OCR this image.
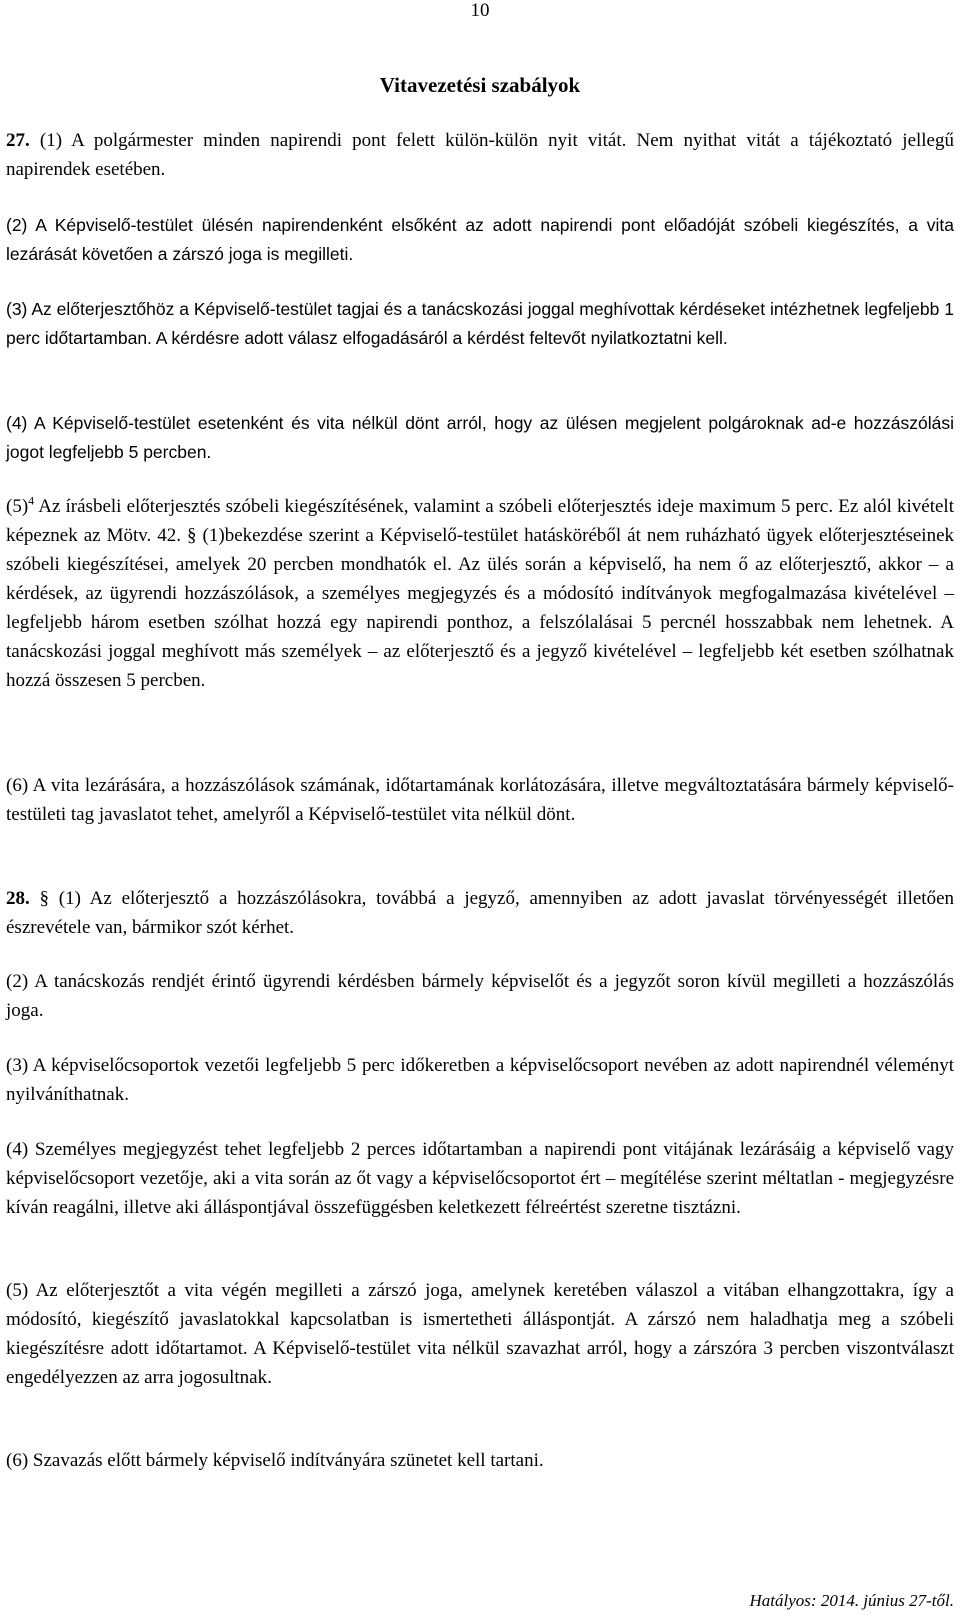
10
Vitavezetési szabályok

27. (1) A polgármester minden napirendi pont felett külön-külön nyit vitát. Nem nyithat vitát a tájékoztató jellegű napirendek esetében.

(2) A Képviselő-testület ülésén napirendenként elsőként az adott napirendi pont előadóját szóbeli kiegészítés, a vita lezárását követően a zárszó joga is megilleti.

(3) Az előterjesztőhöz a Képviselő-testület tagjai és a tanácskozási joggal meghívottak kérdéseket intézhetnek legfeljebb 1 perc időtartamban. A kérdésre adott válasz elfogadásáról a kérdést feltevőt nyilatkoztatni kell.

(4) A Képviselő-testület esetenként és vita nélkül dönt arról, hogy az ülésen megjelent polgároknak ad-e hozzászólási jogot legfeljebb 5 percben.

$(5)^4$ Az írásbeli előterjesztés szóbeli kiegészítésének, valamint a szóbeli előterjesztés ideje maximum 5 perc. Ez alól kivételt képeznek az Mötv. 42. § (1)bekezdése szerint a Képviselő-testület hatásköréből át nem ruházható ügyek előterjesztéseinek szóbeli kiegészítései, amelyek 20 percben mondhatók el. Az ülés során a képviselő, ha nem ő az előterjesztő, akkor – a kérdések, az ügyrendi hozzászólások, a személyes megjegyzés és a módosító indítványok megfogalmazása kivételével – legfeljebb három esetben szólhat hozzá egy napirendi ponthoz, a felszólalásai 5 percnél hosszabbak nem lehetnek. A tanácskozási joggal meghívott más személyek – az előterjesztő és a jegyző kivételével – legfeljebb két esetben szólhatnak hozzá összesen 5 percben.

(6) A vita lezárására, a hozzászólások számának, időtartamának korlátozására, illetve megváltoztatására bármely képviselő-testületi tag javaslatot tehet, amelyről a Képviselő-testület vita nélkül dönt.

28. § (1) Az előterjesztő a hozzászólásokra, továbbá a jegyző, amennyiben az adott javaslat törvényességét illetően észrevétele van, bármikor szót kérhet.

(2) A tanácskozás rendjét érintő ügyrendi kérdésben bármely képviselőt és a jegyzőt soron kívül megilleti a hozzászólás joga.

(3) A képviselőcsoportok vezetői legfeljebb 5 perc időkeretben a képviselőcsoport nevében az adott napirendnél véleményt nyilváníthatnak.

(4) Személyes megjegyzést tehet legfeljebb 2 perces időtartamban a napirendi pont vitájának lezárásáig a képviselő vagy képviselőcsoport vezetője, aki a vita során az őt vagy a képviselőcsoportot ért – megítélése szerint méltatlan - megjegyzésre kíván reagálni, illetve aki álláspontjával összefüggésben keletkezett félreértést szeretne tisztázni.

(5) Az előterjesztőt a vita végén megilleti a zárszó joga, amelynek keretében válaszol a vitában elhangzottakra, így a módosító, kiegészítő javaslatokkal kapcsolatban is ismertetheti álláspontját. A zárszó nem haladhatja meg a szóbeli kiegészítésre adott időtartamot. A Képviselő-testület vita nélkül szavazhat arról, hogy a zárszóra 3 percben viszontválaszt engedélyezzen az arra jogosultnak.

(6) Szavazás előtt bármely képviselő indítványára szünetet kell tartani.

Hatályos: 2014. június 27-től.
